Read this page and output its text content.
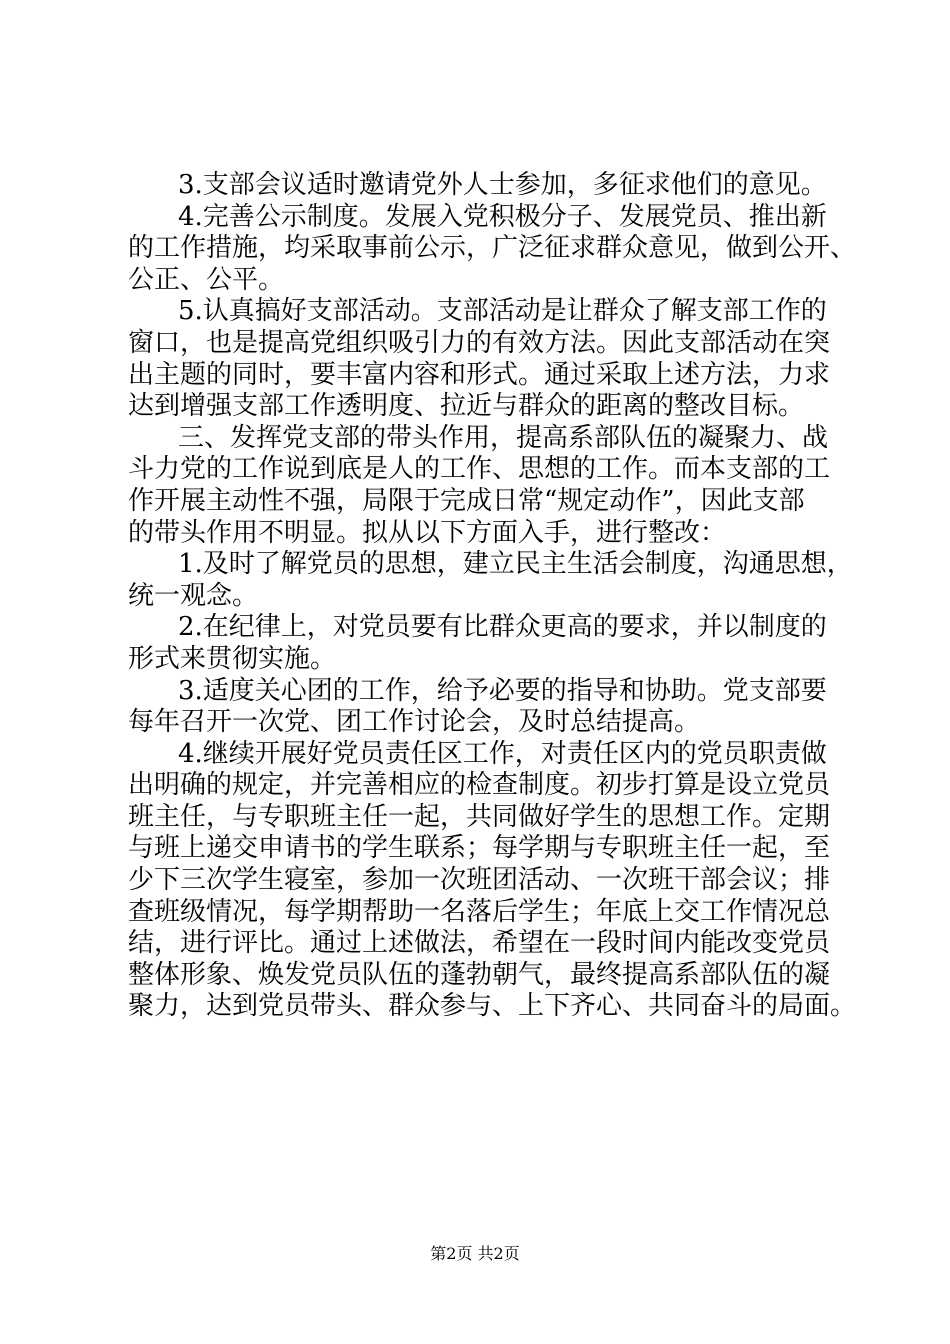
3.支部会议适时邀请党外人士参加，多征求他们的意见。
4.完善公示制度。发展入党积极分子、发展党员、推出新
的工作措施，均采取事前公示，广泛征求群众意见，做到公开、
公正、公平。
5.认真搞好支部活动。支部活动是让群众了解支部工作的
窗口，也是提高党组织吸引力的有效方法。因此支部活动在突
出主题的同时，要丰富内容和形式。通过采取上述方法，力求
达到增强支部工作透明度、拉近与群众的距离的整改目标。
三、发挥党支部的带头作用，提高系部队伍的凝聚力、战
斗力党的工作说到底是人的工作、思想的工作。而本支部的工
作开展主动性不强，局限于完成日常“规定动作”，因此支部
的带头作用不明显。拟从以下方面入手，进行整改：
1.及时了解党员的思想，建立民主生活会制度，沟通思想，
统一观念。
2.在纪律上，对党员要有比群众更高的要求，并以制度的
形式来贯彻实施。
3.适度关心团的工作，给予必要的指导和协助。党支部要
每年召开一次党、团工作讨论会，及时总结提高。
4.继续开展好党员责任区工作，对责任区内的党员职责做
出明确的规定，并完善相应的检查制度。初步打算是设立党员
班主任，与专职班主任一起，共同做好学生的思想工作。定期
与班上递交申请书的学生联系；每学期与专职班主任一起，至
少下三次学生寝室，参加一次班团活动、一次班干部会议；排
查班级情况，每学期帮助一名落后学生；年底上交工作情况总
结，进行评比。通过上述做法，希望在一段时间内能改变党员
整体形象、焕发党员队伍的蓬勃朝气，最终提高系部队伍的凝
聚力，达到党员带头、群众参与、上下齐心、共同奋斗的局面。
第2页 共2页
